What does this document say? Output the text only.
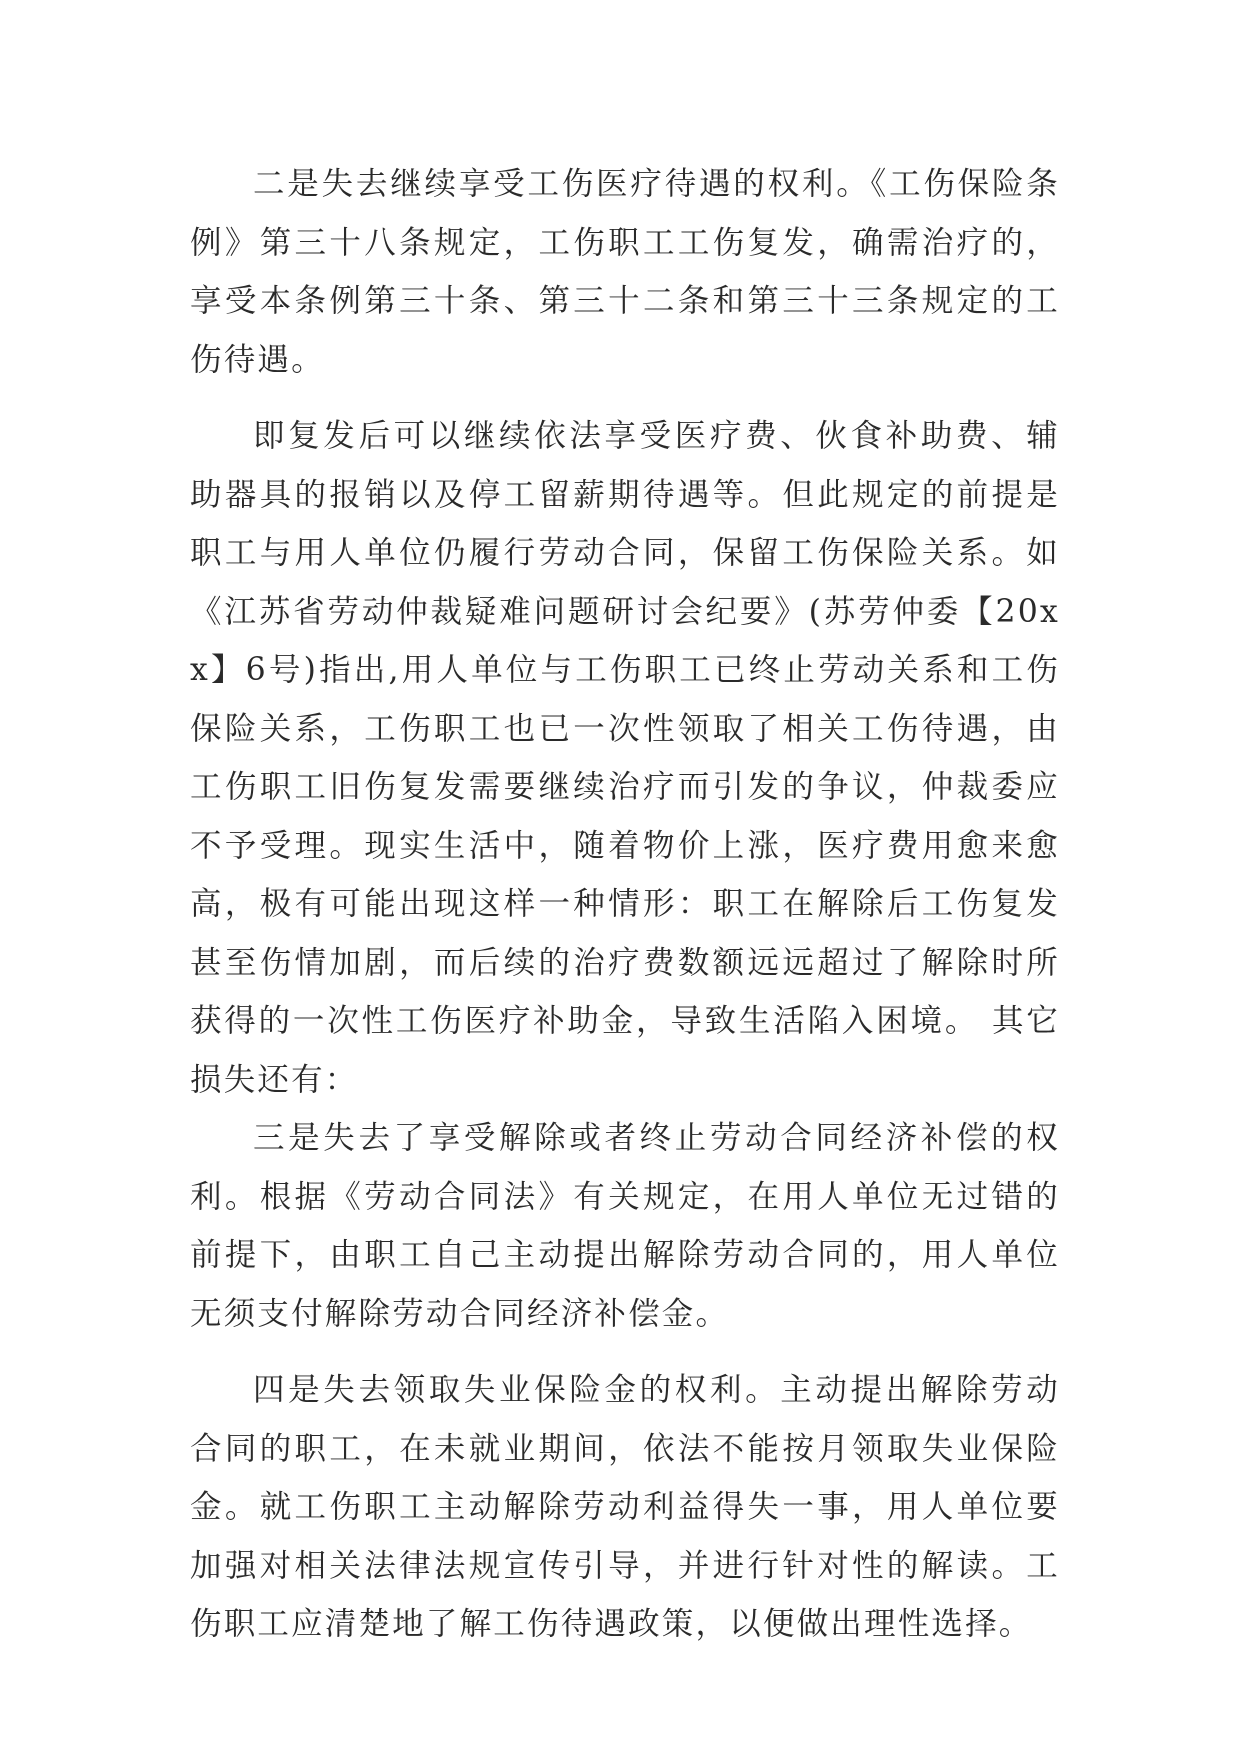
二是失去继续享受工伤医疗待遇的权利。《工伤保险条例》第三十八条规定，工伤职工工伤复发，确需治疗的，享受本条例第三十条、第三十二条和第三十三条规定的工伤待遇。

即复发后可以继续依法享受医疗费、伙食补助费、辅助器具的报销以及停工留薪期待遇等。但此规定的前提是职工与用人单位仍履行劳动合同，保留工伤保险关系。如《江苏省劳动仲裁疑难问题研讨会纪要》(苏劳仲委【20xx】6号)指出,用人单位与工伤职工已终止劳动关系和工伤保险关系，工伤职工也已一次性领取了相关工伤待遇，由工伤职工旧伤复发需要继续治疗而引发的争议，仲裁委应不予受理。现实生活中，随着物价上涨，医疗费用愈来愈高，极有可能出现这样一种情形：职工在解除后工伤复发甚至伤情加剧，而后续的治疗费数额远远超过了解除时所获得的一次性工伤医疗补助金，导致生活陷入困境。 其它损失还有：

三是失去了享受解除或者终止劳动合同经济补偿的权利。根据《劳动合同法》有关规定，在用人单位无过错的前提下，由职工自己主动提出解除劳动合同的，用人单位无须支付解除劳动合同经济补偿金。

四是失去领取失业保险金的权利。主动提出解除劳动合同的职工，在未就业期间，依法不能按月领取失业保险金。就工伤职工主动解除劳动利益得失一事，用人单位要加强对相关法律法规宣传引导，并进行针对性的解读。工伤职工应清楚地了解工伤待遇政策，以便做出理性选择。
